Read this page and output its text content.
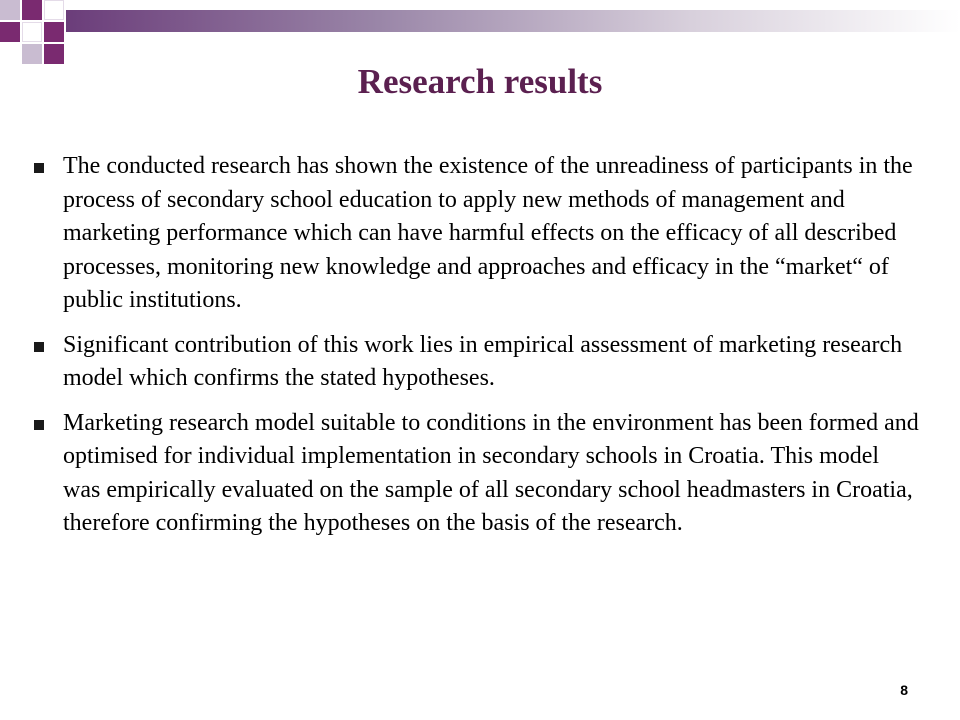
Research results
The conducted research has shown the existence of the unreadiness of participants in the process of secondary school education to apply new methods of management and marketing performance which can have harmful effects on the efficacy of all described processes, monitoring new knowledge and approaches and efficacy in the “market“ of public institutions.
Significant contribution of this work lies in empirical assessment of marketing research model which confirms the stated hypotheses.
Marketing research model suitable to conditions in the environment has been formed and optimised for individual implementation in secondary schools in Croatia. This model was empirically evaluated on the sample of all secondary school headmasters in Croatia, therefore confirming the hypotheses on the basis of the research.
8
